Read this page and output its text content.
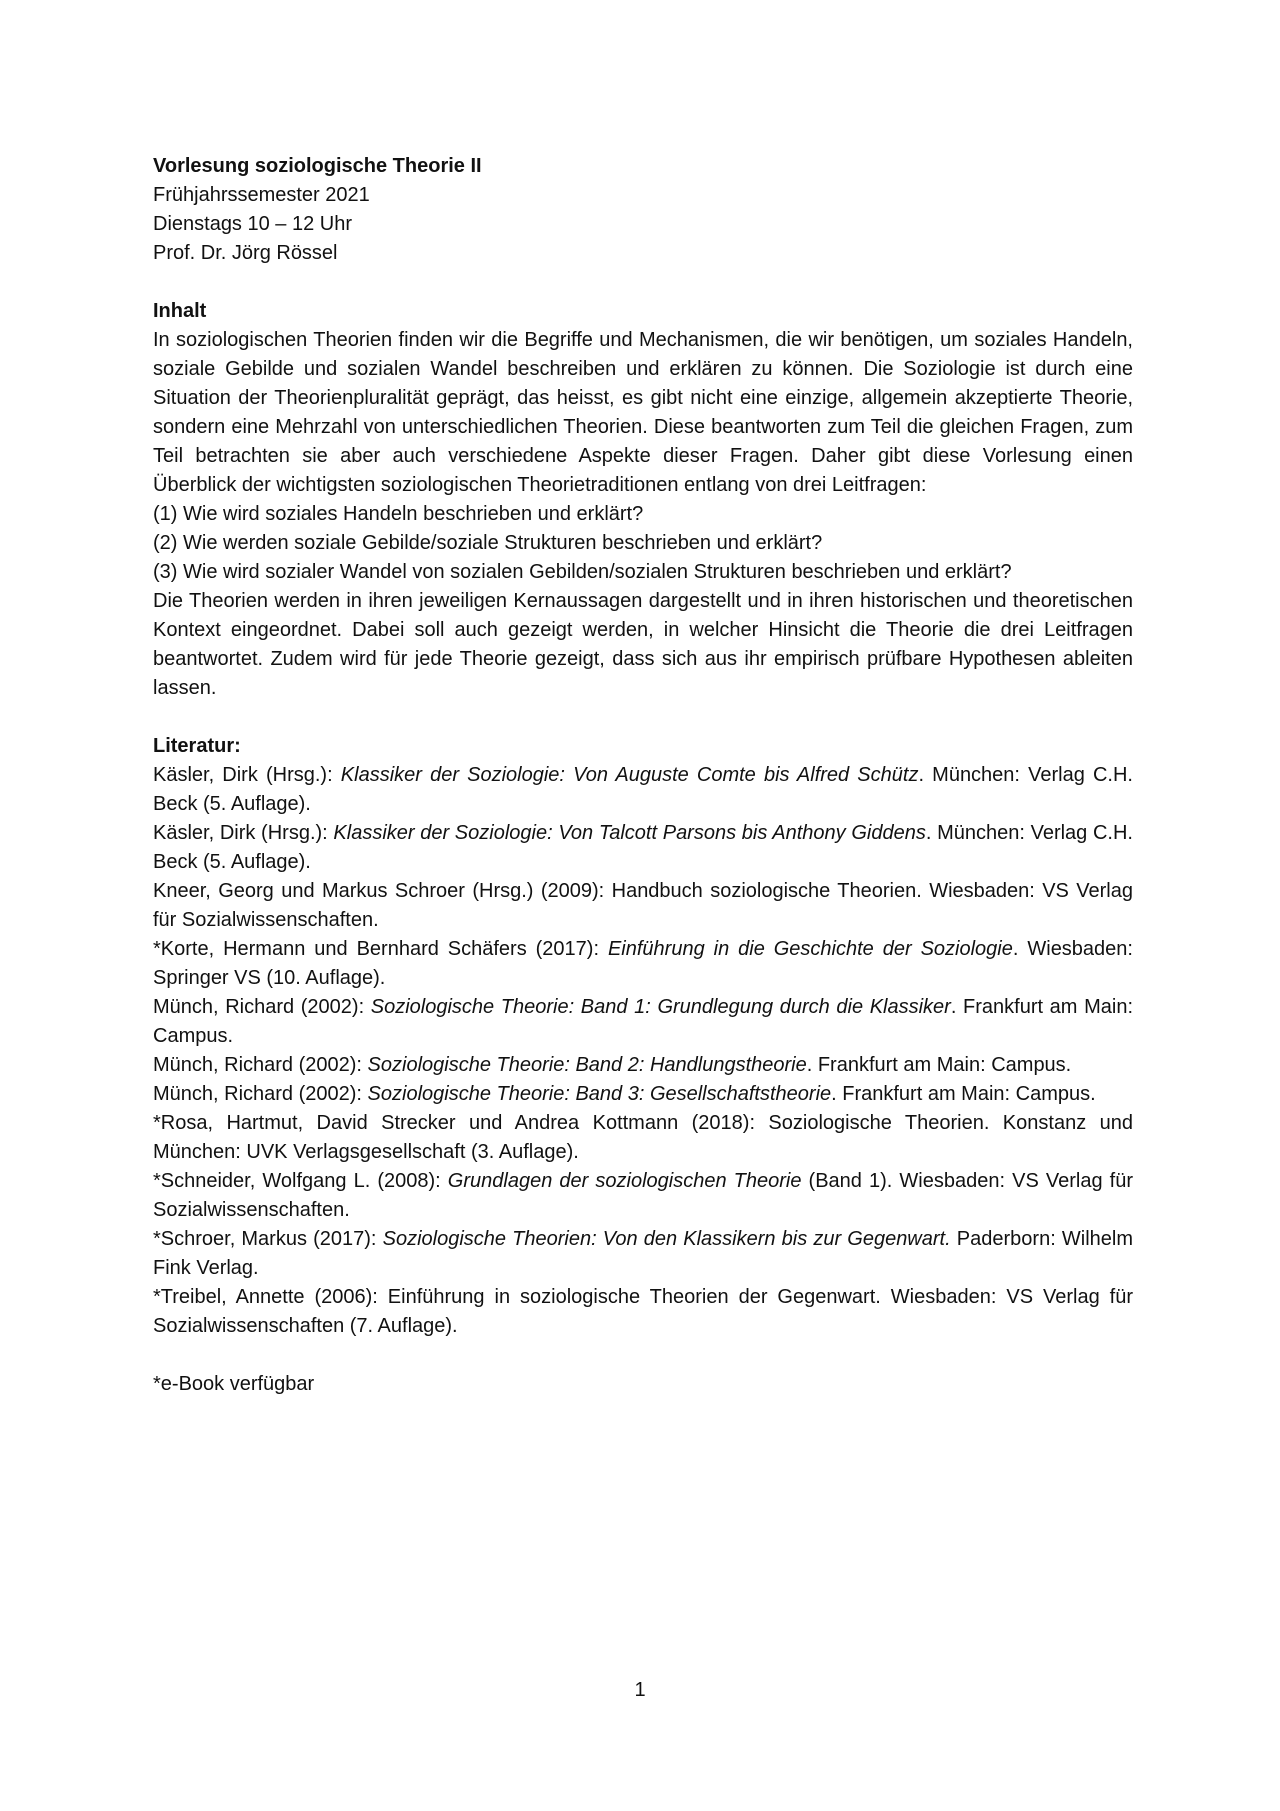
Vorlesung soziologische Theorie II
Frühjahrssemester 2021
Dienstags 10 – 12 Uhr
Prof. Dr. Jörg Rössel
Inhalt

In soziologischen Theorien finden wir die Begriffe und Mechanismen, die wir benötigen, um soziales Handeln, soziale Gebilde und sozialen Wandel beschreiben und erklären zu können. Die Soziologie ist durch eine Situation der Theorienpluralität geprägt, das heisst, es gibt nicht eine einzige, allgemein akzeptierte Theorie, sondern eine Mehrzahl von unterschiedlichen Theorien. Diese beantworten zum Teil die gleichen Fragen, zum Teil betrachten sie aber auch verschiedene Aspekte dieser Fragen. Daher gibt diese Vorlesung einen Überblick der wichtigsten soziologischen Theorietraditionen entlang von drei Leitfragen:

(1) Wie wird soziales Handeln beschrieben und erklärt?
(2) Wie werden soziale Gebilde/soziale Strukturen beschrieben und erklärt?
(3) Wie wird sozialer Wandel von sozialen Gebilden/sozialen Strukturen beschrieben und erklärt?

Die Theorien werden in ihren jeweiligen Kernaussagen dargestellt und in ihren historischen und theoretischen Kontext eingeordnet. Dabei soll auch gezeigt werden, in welcher Hinsicht die Theorie die drei Leitfragen beantwortet. Zudem wird für jede Theorie gezeigt, dass sich aus ihr empirisch prüfbare Hypothesen ableiten lassen.

Literatur:

Käsler, Dirk (Hrsg.): Klassiker der Soziologie: Von Auguste Comte bis Alfred Schütz. München: Verlag C.H. Beck (5. Auflage).

Käsler, Dirk (Hrsg.): Klassiker der Soziologie: Von Talcott Parsons bis Anthony Giddens. München: Verlag C.H. Beck (5. Auflage).

Kneer, Georg und Markus Schroer (Hrsg.) (2009): Handbuch soziologische Theorien. Wiesbaden: VS Verlag für Sozialwissenschaften.

*Korte, Hermann und Bernhard Schäfers (2017): Einführung in die Geschichte der Soziologie. Wiesbaden: Springer VS (10. Auflage).

Münch, Richard (2002): Soziologische Theorie: Band 1: Grundlegung durch die Klassiker. Frankfurt am Main: Campus.

Münch, Richard (2002): Soziologische Theorie: Band 2: Handlungstheorie. Frankfurt am Main: Campus.

Münch, Richard (2002): Soziologische Theorie: Band 3: Gesellschaftstheorie. Frankfurt am Main: Campus.

*Rosa, Hartmut, David Strecker und Andrea Kottmann (2018): Soziologische Theorien. Konstanz und München: UVK Verlagsgesellschaft (3. Auflage).

*Schneider, Wolfgang L. (2008): Grundlagen der soziologischen Theorie (Band 1). Wiesbaden: VS Verlag für Sozialwissenschaften.

*Schroer, Markus (2017): Soziologische Theorien: Von den Klassikern bis zur Gegenwart. Paderborn: Wilhelm Fink Verlag.

*Treibel, Annette (2006): Einführung in soziologische Theorien der Gegenwart. Wiesbaden: VS Verlag für Sozialwissenschaften (7. Auflage).

*e-Book verfügbar
1
